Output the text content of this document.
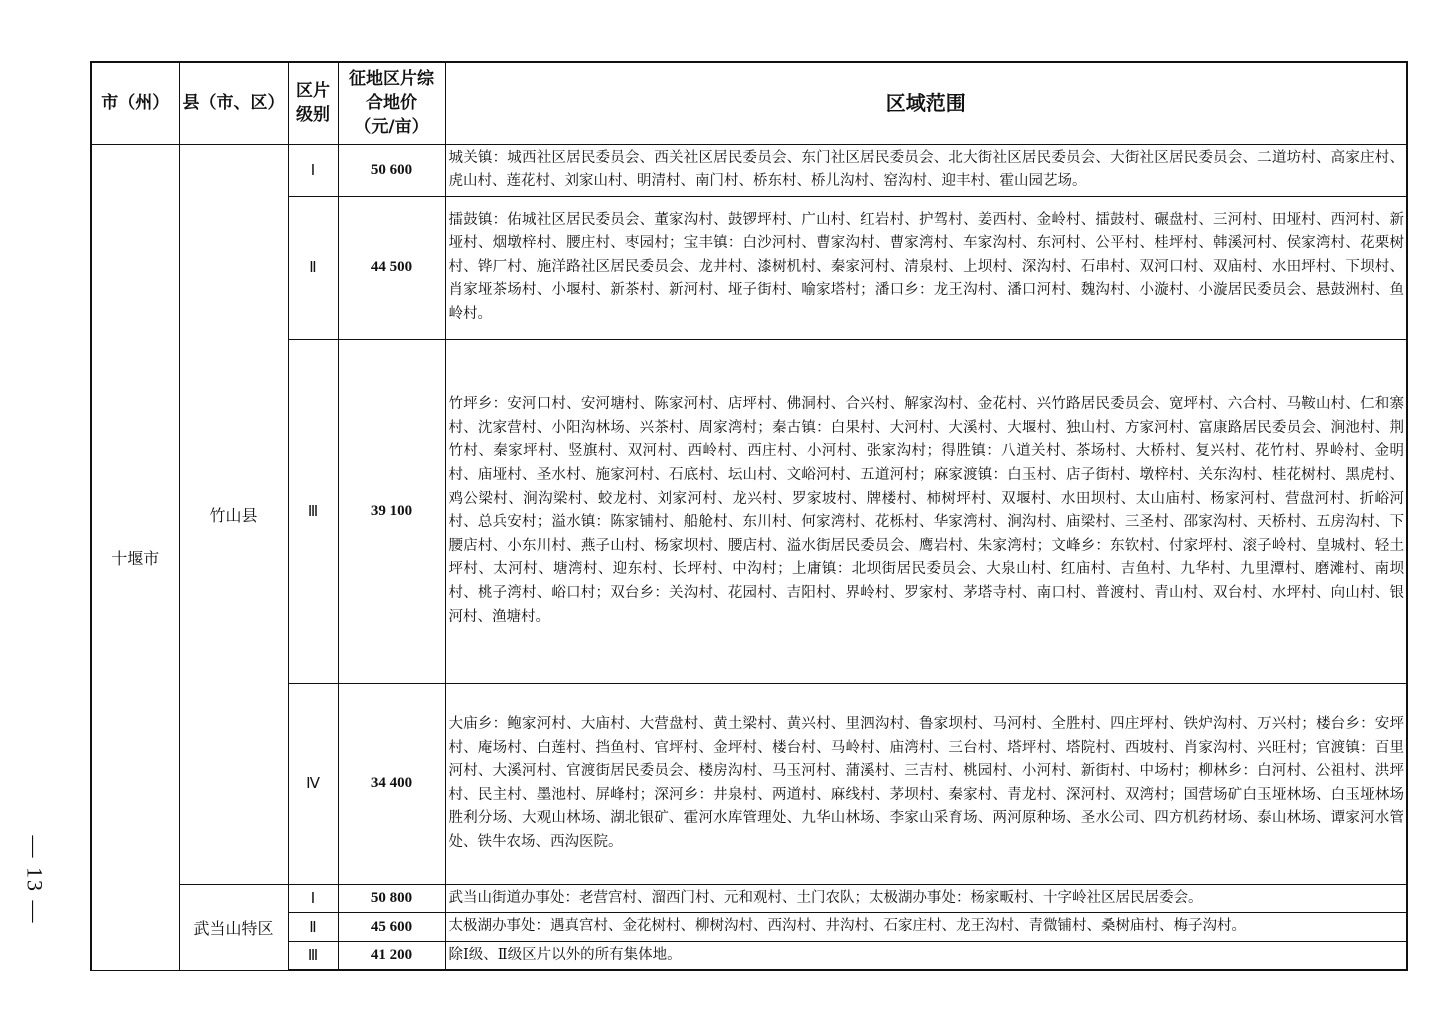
— 13 —
市（州）	县（市、区）	区片级别	征地区片综合地价（元/亩）	区域范围
十堰市	竹山县	Ⅰ	50 600	城关镇：城西社区居民委员会、西关社区居民委员会、东门社区居民委员会、北大街社区居民委员会、大街社区居民委员会、二道坊村、高家庄村、虎山村、莲花村、刘家山村、明清村、南门村、桥东村、桥儿沟村、窑沟村、迎丰村、霍山园艺场。
		Ⅱ	44 500	擂鼓镇：佑城社区居民委员会、董家沟村、鼓锣坪村、广山村、红岩村、护驾村、姜西村、金岭村、擂鼓村、碾盘村、三河村、田垭村、西河村、新垭村、烟墩梓村、腰庄村、枣园村；宝丰镇：白沙河村、曹家沟村、曹家湾村、车家沟村、东河村、公平村、桂坪村、韩溪河村、侯家湾村、花栗树村、铧厂村、施洋路社区居民委员会、龙井村、漆树机村、秦家河村、清泉村、上坝村、深沟村、石串村、双河口村、双庙村、水田坪村、下坝村、肖家垭茶场村、小堰村、新茶村、新河村、垭子街村、喻家塔村；潘口乡：龙王沟村、潘口河村、魏沟村、小漩村、小漩居民委员会、悬鼓洲村、鱼岭村。
		Ⅲ	39 100	竹坪乡：安河口村、安河塘村、陈家河村、店坪村、佛洞村、合兴村、解家沟村、金花村、兴竹路居民委员会、宽坪村、六合村、马鞍山村、仁和寨村、沈家营村、小阳沟林场、兴茶村、周家湾村；秦古镇：白果村、大河村、大溪村、大堰村、独山村、方家河村、富康路居民委员会、涧池村、荆竹村、秦家坪村、竖旗村、双河村、西岭村、西庄村、小河村、张家沟村；得胜镇：八道关村、茶场村、大桥村、复兴村、花竹村、界岭村、金明村、庙垭村、圣水村、施家河村、石底村、坛山村、文峪河村、五道河村；麻家渡镇：白玉村、店子街村、墩梓村、关东沟村、桂花树村、黑虎村、鸡公梁村、涧沟梁村、蛟龙村、刘家河村、龙兴村、罗家坡村、牌楼村、柿树坪村、双堰村、水田坝村、太山庙村、杨家河村、营盘河村、折峪河村、总兵安村；溢水镇：陈家铺村、船舱村、东川村、何家湾村、花栎村、华家湾村、涧沟村、庙梁村、三圣村、邵家沟村、天桥村、五房沟村、下腰店村、小东川村、燕子山村、杨家坝村、腰店村、溢水街居民委员会、鹰岩村、朱家湾村；文峰乡：东钦村、付家坪村、滚子岭村、皇城村、轻土坪村、太河村、塘湾村、迎东村、长坪村、中沟村；上庸镇：北坝街居民委员会、大泉山村、红庙村、吉鱼村、九华村、九里潭村、磨滩村、南坝村、桃子湾村、峪口村；双台乡：关沟村、花园村、吉阳村、界岭村、罗家村、茅塔寺村、南口村、普渡村、青山村、双台村、水坪村、向山村、银河村、渔塘村。
		Ⅳ	34 400	大庙乡：鲍家河村、大庙村、大营盘村、黄土梁村、黄兴村、里泗沟村、鲁家坝村、马河村、全胜村、四庄坪村、铁炉沟村、万兴村；楼台乡：安坪村、庵场村、白莲村、挡鱼村、官坪村、金坪村、楼台村、马岭村、庙湾村、三台村、塔坪村、塔院村、西坡村、肖家沟村、兴旺村；官渡镇：百里河村、大溪河村、官渡街居民委员会、楼房沟村、马玉河村、蒲溪村、三吉村、桃园村、小河村、新街村、中场村；柳林乡：白河村、公祖村、洪坪村、民主村、墨池村、屏峰村；深河乡：井泉村、两道村、麻线村、茅坝村、秦家村、青龙村、深河村、双湾村；国营场矿白玉垭林场、白玉垭林场胜利分场、大观山林场、湖北银矿、霍河水库管理处、九华山林场、李家山采育场、两河原种场、圣水公司、四方机药材场、泰山林场、谭家河水管处、铁牛农场、西沟医院。
	武当山特区	Ⅰ	50 800	武当山街道办事处：老营宫村、溜西门村、元和观村、土门农队；太极湖办事处：杨家畈村、十字岭社区居民居委会。
		Ⅱ	45 600	太极湖办事处：遇真宫村、金花树村、柳树沟村、西沟村、井沟村、石家庄村、龙王沟村、青微铺村、桑树庙村、梅子沟村。
		Ⅲ	41 200	除Ⅰ级、Ⅱ级区片以外的所有集体地。
